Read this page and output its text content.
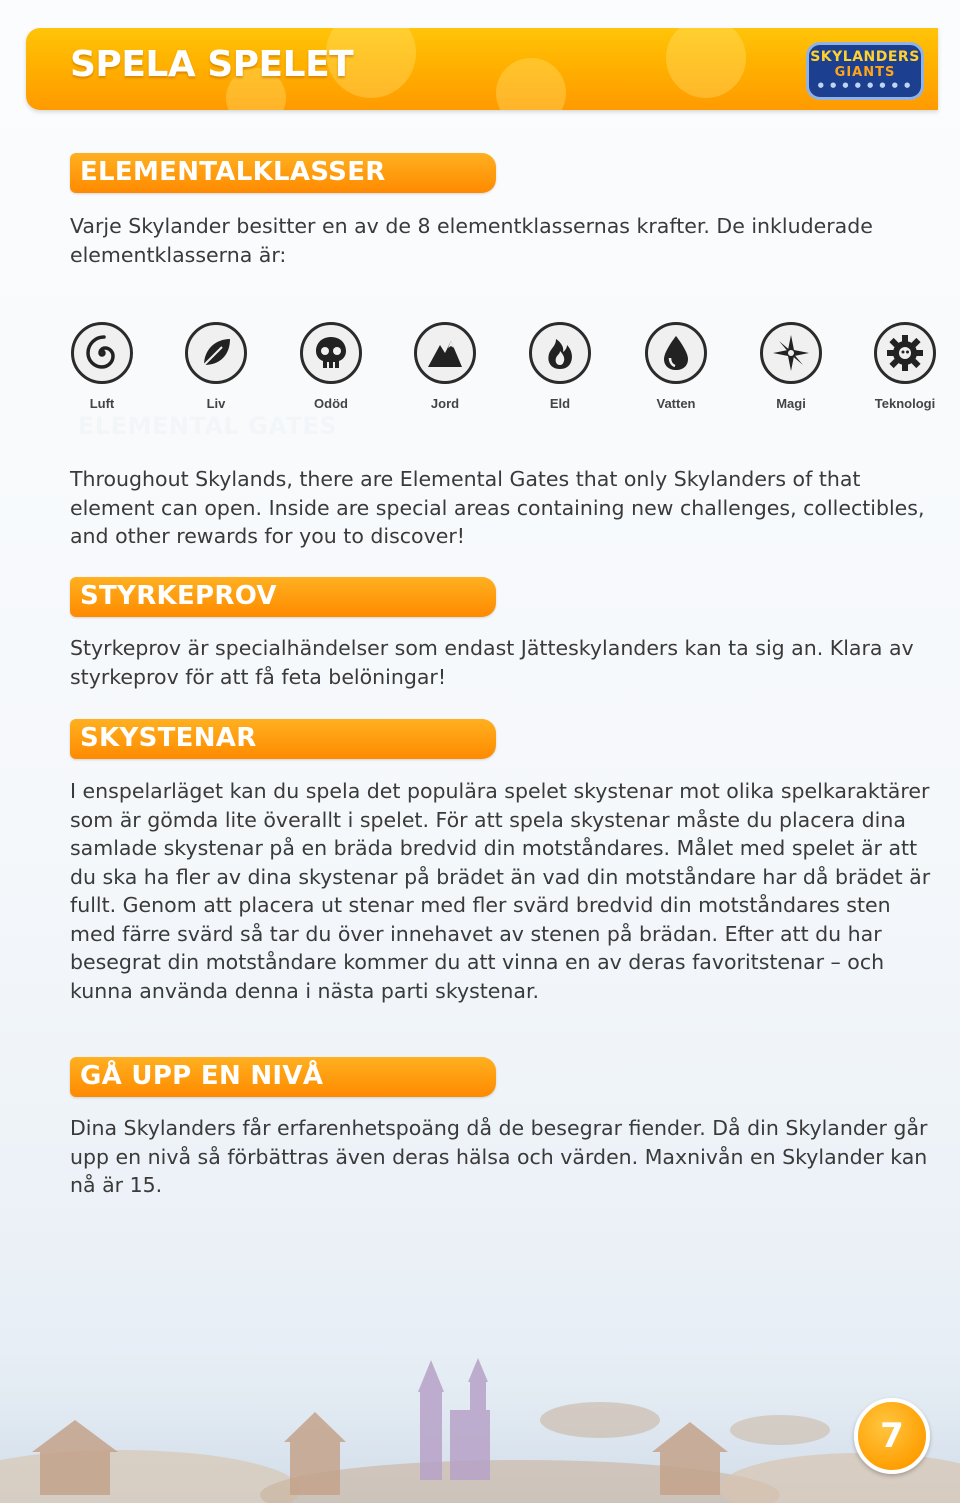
SPELA SPELET	SKYLANDERS
GIANTS
● ● ● ● ● ● ● ●
ELEMENTALKLASSER

Varje Skylander besitter en av de 8 elementklassernas krafter. De inkluderade elementklasserna är:

Luft	Liv	Odöd	Jord	Eld	Vatten	Magi	Teknologi
ELEMENTAL GATES

Throughout Skylands, there are Elemental Gates that only Skylanders of that element can open. Inside are special areas containing new challenges, collectibles, and other rewards for you to discover!

STYRKEPROV

Styrkeprov är specialhändelser som endast Jätteskylanders kan ta sig an. Klara av styrkeprov för att få feta belöningar!

SKYSTENAR

I enspelarläget kan du spela det populära spelet skystenar mot olika spelkaraktärer som är gömda lite överallt i spelet. För att spela skystenar måste du placera dina samlade skystenar på en bräda bredvid din motståndares. Målet med spelet är att du ska ha fler av dina skystenar på brädet än vad din motståndare har då brädet är fullt. Genom att placera ut stenar med fler svärd bredvid din motståndares sten med färre svärd så tar du över innehavet av stenen på brädan. Efter att du har besegrat din motståndare kommer du att vinna en av deras favoritstenar – och kunna använda denna i nästa parti skystenar.

GÅ UPP EN NIVÅ

Dina Skylanders får erfarenhetspoäng då de besegrar fiender. Då din Skylander går upp en nivå så förbättras även deras hälsa och värden. Maxnivån en Skylander kan nå är 15.

7
